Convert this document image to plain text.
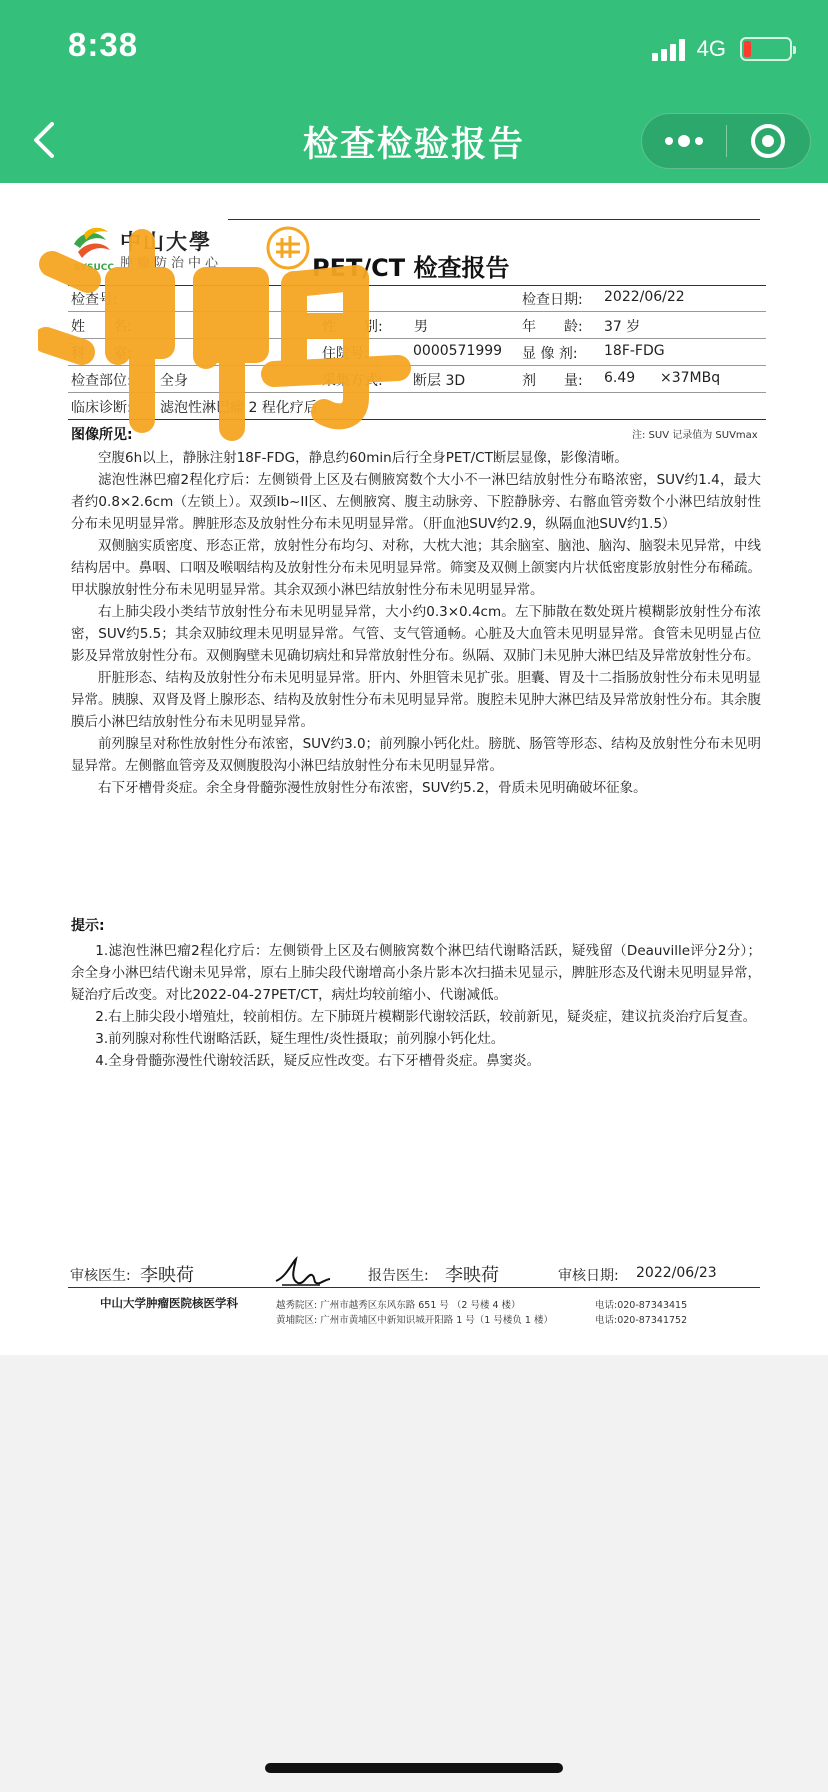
8:38	4G
检查检验报告
SYSUCC
中山大學
肿瘤防治中心	PET/CT 检查报告
检查号:	检查日期: 2022/06/22
姓　　名:	性　　别: 男	年　　龄: 37 岁
科　　室:	住院号:	0000571999 显 像 剂: 18F-FDG
检查部位: 全身	采集方式: 断层 3D	剂　　量: 6.49 ×37MBq
临床诊断: 滤泡性淋巴瘤 2 程化疗后
图像所见:	注: SUV 记录值为 SUVmax

空腹6h以上，静脉注射18F-FDG，静息约60min后行全身PET/CT断层显像，影像清晰。

滤泡性淋巴瘤2程化疗后：左侧锁骨上区及右侧腋窝数个大小不一淋巴结放射性分布略浓密，SUV约1.4，最大者约0.8×2.6cm（左锁上）。双颈Ib~II区、左侧腋窝、腹主动脉旁、下腔静脉旁、右髂血管旁数个小淋巴结放射性分布未见明显异常。脾脏形态及放射性分布未见明显异常。（肝血池SUV约2.9，纵隔血池SUV约1.5）

双侧脑实质密度、形态正常，放射性分布均匀、对称，大枕大池；其余脑室、脑池、脑沟、脑裂未见异常，中线结构居中。鼻咽、口咽及喉咽结构及放射性分布未见明显异常。筛窦及双侧上颌窦内片状低密度影放射性分布稀疏。甲状腺放射性分布未见明显异常。其余双颈小淋巴结放射性分布未见明显异常。

右上肺尖段小类结节放射性分布未见明显异常，大小约0.3×0.4cm。左下肺散在数处斑片模糊影放射性分布浓密，SUV约5.5；其余双肺纹理未见明显异常。气管、支气管通畅。心脏及大血管未见明显异常。食管未见明显占位影及异常放射性分布。双侧胸壁未见确切病灶和异常放射性分布。纵隔、双肺门未见肿大淋巴结及异常放射性分布。

肝脏形态、结构及放射性分布未见明显异常。肝内、外胆管未见扩张。胆囊、胃及十二指肠放射性分布未见明显异常。胰腺、双肾及肾上腺形态、结构及放射性分布未见明显异常。腹腔未见肿大淋巴结及异常放射性分布。其余腹膜后小淋巴结放射性分布未见明显异常。

前列腺呈对称性放射性分布浓密，SUV约3.0；前列腺小钙化灶。膀胱、肠管等形态、结构及放射性分布未见明显异常。左侧髂血管旁及双侧腹股沟小淋巴结放射性分布未见明显异常。

右下牙槽骨炎症。余全身骨髓弥漫性放射性分布浓密，SUV约5.2，骨质未见明确破坏征象。

提示:

1.滤泡性淋巴瘤2程化疗后：左侧锁骨上区及右侧腋窝数个淋巴结代谢略活跃，疑残留（Deauville评分2分）；余全身小淋巴结代谢未见异常，原右上肺尖段代谢增高小条片影本次扫描未见显示，脾脏形态及代谢未见明显异常，疑治疗后改变。对比2022-04-27PET/CT，病灶均较前缩小、代谢减低。

2.右上肺尖段小增殖灶，较前相仿。左下肺斑片模糊影代谢较活跃，较前新见，疑炎症，建议抗炎治疗后复查。

3.前列腺对称性代谢略活跃，疑生理性/炎性摄取；前列腺小钙化灶。

4.全身骨髓弥漫性代谢较活跃，疑反应性改变。右下牙槽骨炎症。鼻窦炎。

审核医生: 李映荷	报告医生: 李映荷	审核日期: 2022/06/23
中山大学肿瘤医院核医学科	越秀院区: 广州市越秀区东风东路 651 号 （2 号楼 4 楼）
黄埔院区: 广州市黄埔区中新知识城开阳路 1 号（1 号楼负 1 楼）
电话:020-87343415
电话:020-87341752
